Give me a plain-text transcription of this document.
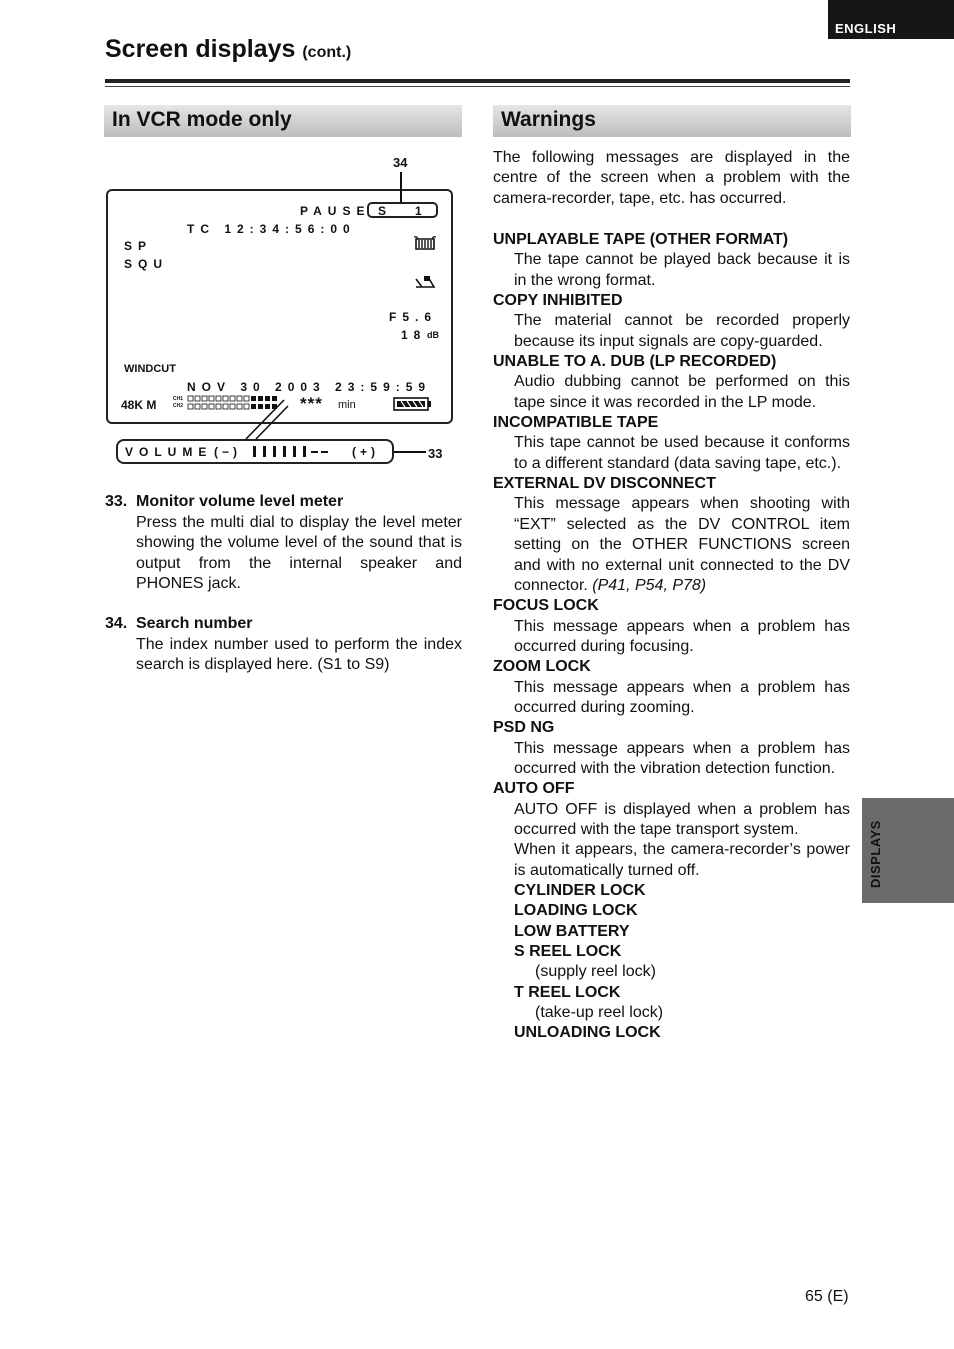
ENGLISH
Screen displays (cont.)
In VCR mode only	Warnings
34
33
PAUSE S 1
TC 12:34:56:00
SP
SQU
F5.6
18 dB
WINDCUT
NOV 30 2003 23:59:59
48K M	CH1
CH2	*** min
VOLUME (−)	(+)
33. Monitor volume level meter
Press the multi dial to display the level meter showing the volume level of the sound that is output from the internal speaker and PHONES jack.
34. Search number
The index number used to perform the index search is displayed here. (S1 to S9)
The following messages are displayed in the centre of the screen when a problem with the camera-recorder, tape, etc. has occurred.
UNPLAYABLE TAPE (OTHER FORMAT)
The tape cannot be played back because it is in the wrong format.
COPY INHIBITED
The material cannot be recorded properly because its input signals are copy-guarded.
UNABLE TO A. DUB (LP RECORDED)
Audio dubbing cannot be performed on this tape since it was recorded in the LP mode.
INCOMPATIBLE TAPE
This tape cannot be used because it conforms to a different standard (data saving tape, etc.).
EXTERNAL DV DISCONNECT
This message appears when shooting with “EXT” selected as the DV CONTROL item setting on the OTHER FUNCTIONS screen and with no external unit connected to the DV connector. (P41, P54, P78)
FOCUS LOCK
This message appears when a problem has occurred during focusing.
ZOOM LOCK
This message appears when a problem has occurred during zooming.
PSD NG
This message appears when a problem has occurred with the vibration detection function.
AUTO OFF
AUTO OFF is displayed when a problem has occurred with the tape transport system.
When it appears, the camera-recorder’s power is automatically turned off.
CYLINDER LOCK
LOADING LOCK
LOW BATTERY
S REEL LOCK
(supply reel lock)
T REEL LOCK
(take-up reel lock)
UNLOADING LOCK
DISPLAYS
65 (E)
